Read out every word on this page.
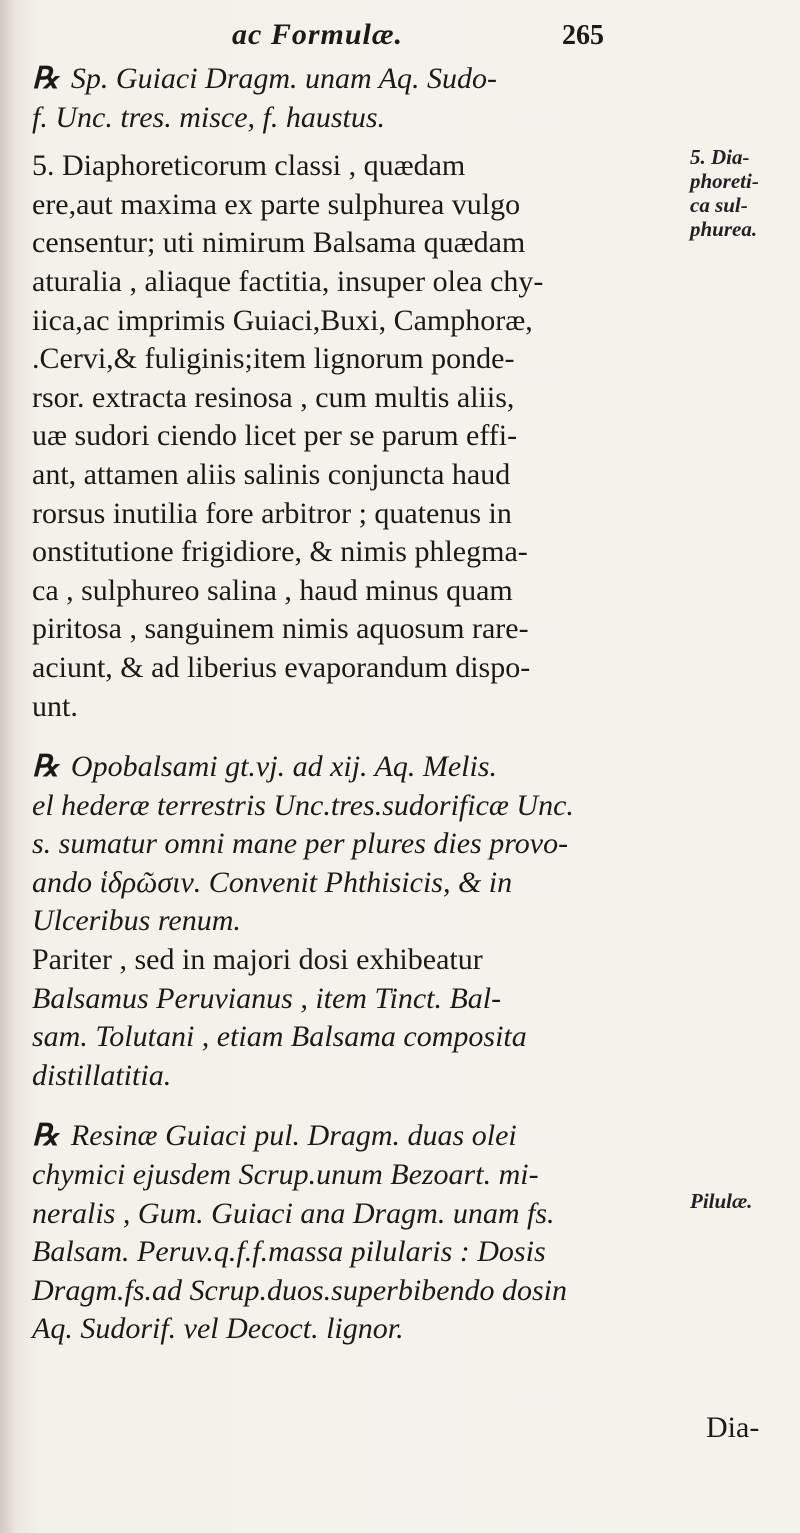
ac Formulæ.	265
℞ Sp. Guiaci Dragm. unam Aq. Sudo-
f. Unc. tres. misce, f. haustus.
5. Diaphoreticorum classi , quædam
ere,aut maxima ex parte sulphurea vulgo
censentur; uti nimirum Balsama quædam
aturalia , aliaque factitia, insuper olea chy-
iica,ac imprimis Guiaci,Buxi, Camphoræ,
.Cervi,& fuliginis;item lignorum ponde-
rsor. extracta resinosa , cum multis aliis,
uæ sudori ciendo licet per se parum effi-
ant, attamen aliis salinis conjuncta haud
rorsus inutilia fore arbitror ; quatenus in
onstitutione frigidiore, & nimis phlegma-
ca , sulphureo salina , haud minus quam
piritosa , sanguinem nimis aquosum rare-
aciunt, & ad liberius evaporandum dispo-
unt.
℞ Opobalsami gt.vj. ad xij. Aq. Melis.
el hederæ terrestris Unc.tres.sudorificæ Unc.
s. sumatur omni mane per plures dies provo-
ando ἱδρῶσιν. Convenit Phthisicis, & in
Ulceribus renum.
Pariter , sed in majori dosi exhibeatur
Balsamus Peruvianus , item Tinct. Bal-
sam. Tolutani , etiam Balsama composita
distillatitia.
℞ Resinæ Guiaci pul. Dragm. duas olei
chymici ejusdem Scrup.unum Bezoart. mi-
neralis , Gum. Guiaci ana Dragm. unam fs.
Balsam. Peruv.q.f.f.massa pilularis : Dosis
Dragm.fs.ad Scrup.duos.superbibendo dosin
Aq. Sudorif. vel Decoct. lignor.
5. Dia-
phoreti-
ca sul-
phurea.
Pilulæ.
Dia-
